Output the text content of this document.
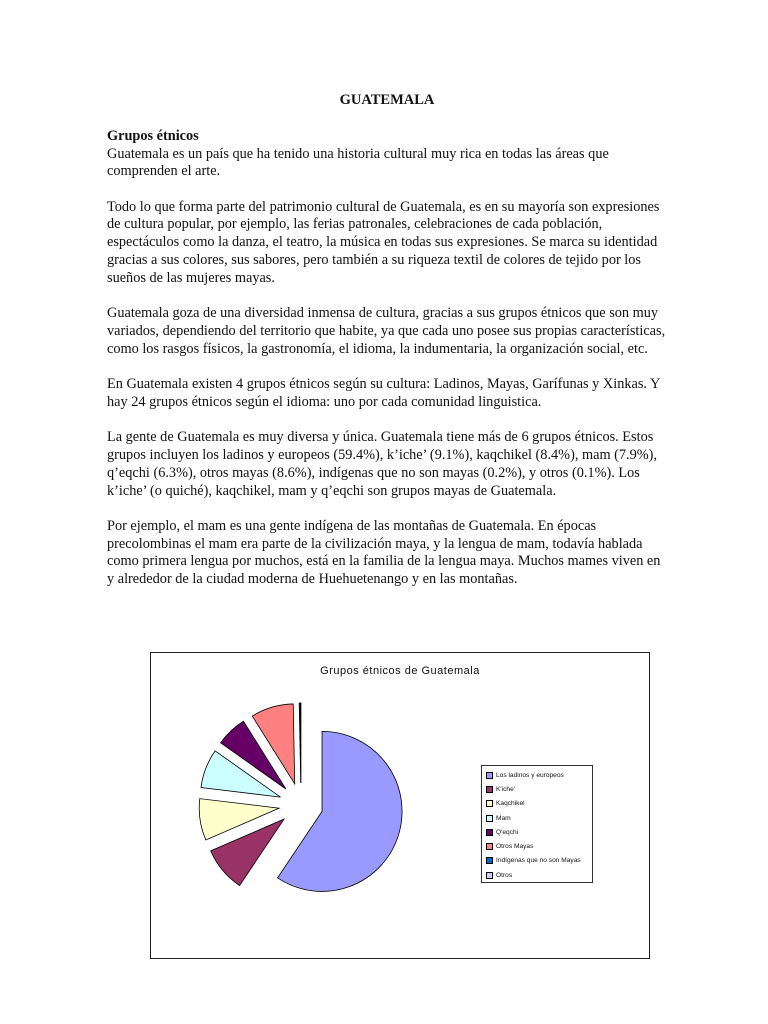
GUATEMALA
Grupos étnicos

Guatemala es un país que ha tenido una historia cultural muy rica en todas las áreas que comprenden el arte.

Todo lo que forma parte del patrimonio cultural de Guatemala, es en su mayoría son expresiones de cultura popular, por ejemplo, las ferias patronales, celebraciones de cada población, espectáculos como la danza, el teatro, la música en todas sus expresiones. Se marca su identidad gracias a sus colores, sus sabores, pero también a su riqueza textil de colores de tejido por los sueños de las mujeres mayas.

Guatemala goza de una diversidad inmensa de cultura, gracias a sus grupos étnicos que son muy variados, dependiendo del territorio que habite, ya que cada uno posee sus propias características, como los rasgos físicos, la gastronomía, el idioma, la indumentaria, la organización social, etc.

En Guatemala existen 4 grupos étnicos según su cultura: Ladinos, Mayas, Garífunas y Xinkas. Y hay 24 grupos étnicos según el idioma: uno por cada comunidad linguistica.

La gente de Guatemala es muy diversa y única. Guatemala tiene más de 6 grupos étnicos. Estos grupos incluyen los ladinos y europeos (59.4%), k’iche’ (9.1%), kaqchikel (8.4%), mam (7.9%), q’eqchi (6.3%), otros mayas (8.6%), indígenas que no son mayas (0.2%), y otros (0.1%). Los k’iche’ (o quiché), kaqchikel, mam y q’eqchi son grupos mayas de Guatemala.

Por ejemplo, el mam es una gente indígena de las montañas de Guatemala. En épocas precolombinas el mam era parte de la civilización maya, y la lengua de mam, todavía hablada como primera lengua por muchos, está en la familia de la lengua maya. Muchos mames viven en y alrededor de la ciudad moderna de Huehuetenango y en las montañas.

Grupos étnicos de Guatemala
Los ladinos y europeos
K'iche'
Kaqchikel
Mam
Q'eqchi
Otros Mayas
Indígenas que no son Mayas
Otros
